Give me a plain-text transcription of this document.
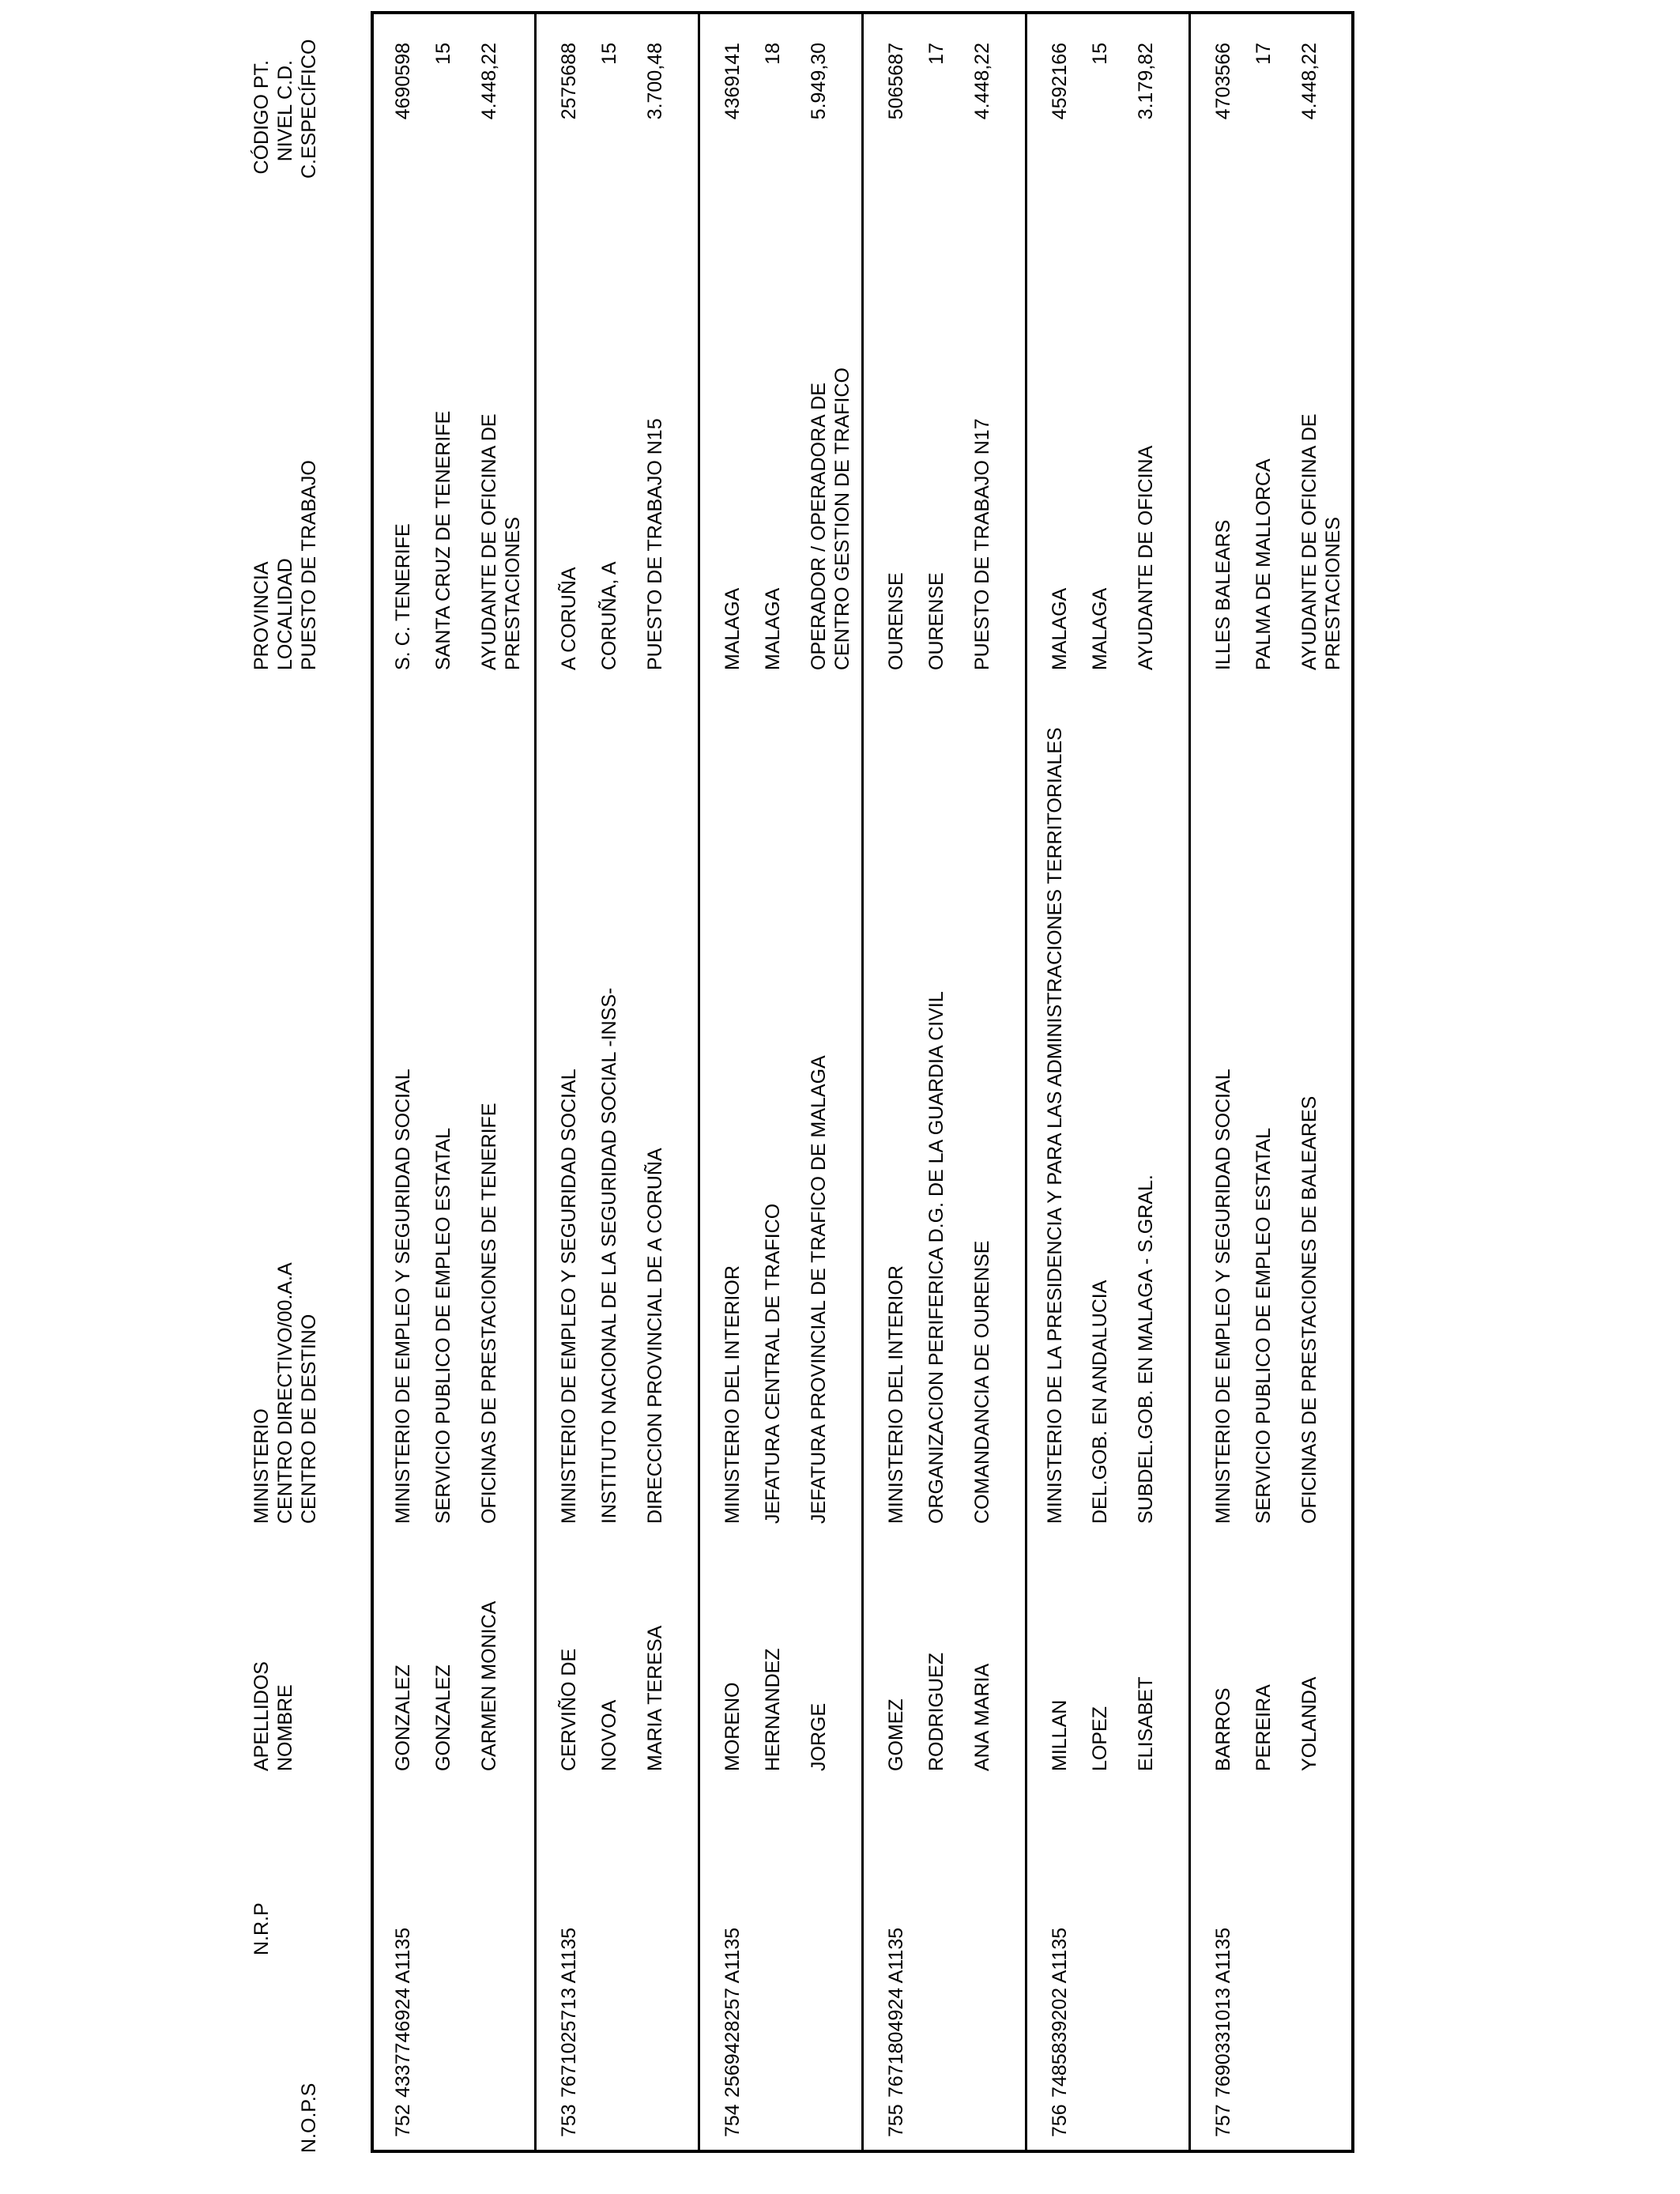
N.O.P.S
N.R.P
APELLIDOS NOMBRE
MINISTERIO CENTRO DIRECTIVO/00.A.A CENTRO DE DESTINO
PROVINCIA LOCALIDAD PUESTO DE TRABAJO
CÓDIGO PT. NIVEL C.D. C.ESPECÍFICO
752
4337746924 A1135
GONZALEZ GONZALEZ CARMEN MONICA
MINISTERIO DE EMPLEO Y SEGURIDAD SOCIAL SERVICIO PUBLICO DE EMPLEO ESTATAL OFICINAS DE PRESTACIONES DE TENERIFE
S. C. TENERIFE SANTA CRUZ DE TENERIFE AYUDANTE DE OFICINA DE PRESTACIONES
4690598 15 4.448,22
753
7671025713 A1135
CERVIÑO DE NOVOA MARIA TERESA
MINISTERIO DE EMPLEO Y SEGURIDAD SOCIAL INSTITUTO NACIONAL DE LA SEGURIDAD SOCIAL -INSS- DIRECCION PROVINCIAL DE A CORUÑA
A CORUÑA CORUÑA, A PUESTO DE TRABAJO N15
2575688 15 3.700,48
754
2569428257 A1135
MORENO HERNANDEZ JORGE
MINISTERIO DEL INTERIOR JEFATURA CENTRAL DE TRAFICO JEFATURA PROVINCIAL DE TRAFICO DE MALAGA
MALAGA MALAGA OPERADOR / OPERADORA DE CENTRO GESTION DE TRAFICO
4369141 18 5.949,30
755
7671804924 A1135
GOMEZ RODRIGUEZ ANA MARIA
MINISTERIO DEL INTERIOR ORGANIZACION PERIFERICA D.G. DE LA GUARDIA CIVIL COMANDANCIA DE OURENSE
OURENSE OURENSE PUESTO DE TRABAJO N17
5065687 17 4.448,22
756
7485839202 A1135
MILLAN LOPEZ ELISABET
MINISTERIO DE LA PRESIDENCIA Y PARA LAS ADMINISTRACIONES TERRITORIALES DEL.GOB. EN ANDALUCIA SUBDEL.GOB. EN MALAGA - S.GRAL.
MALAGA MALAGA AYUDANTE DE OFICINA
4592166 15 3.179,82
757
7690331013 A1135
BARROS PEREIRA YOLANDA
MINISTERIO DE EMPLEO Y SEGURIDAD SOCIAL SERVICIO PUBLICO DE EMPLEO ESTATAL OFICINAS DE PRESTACIONES DE BALEARES
ILLES BALEARS PALMA DE MALLORCA AYUDANTE DE OFICINA DE PRESTACIONES
4703566 17 4.448,22
